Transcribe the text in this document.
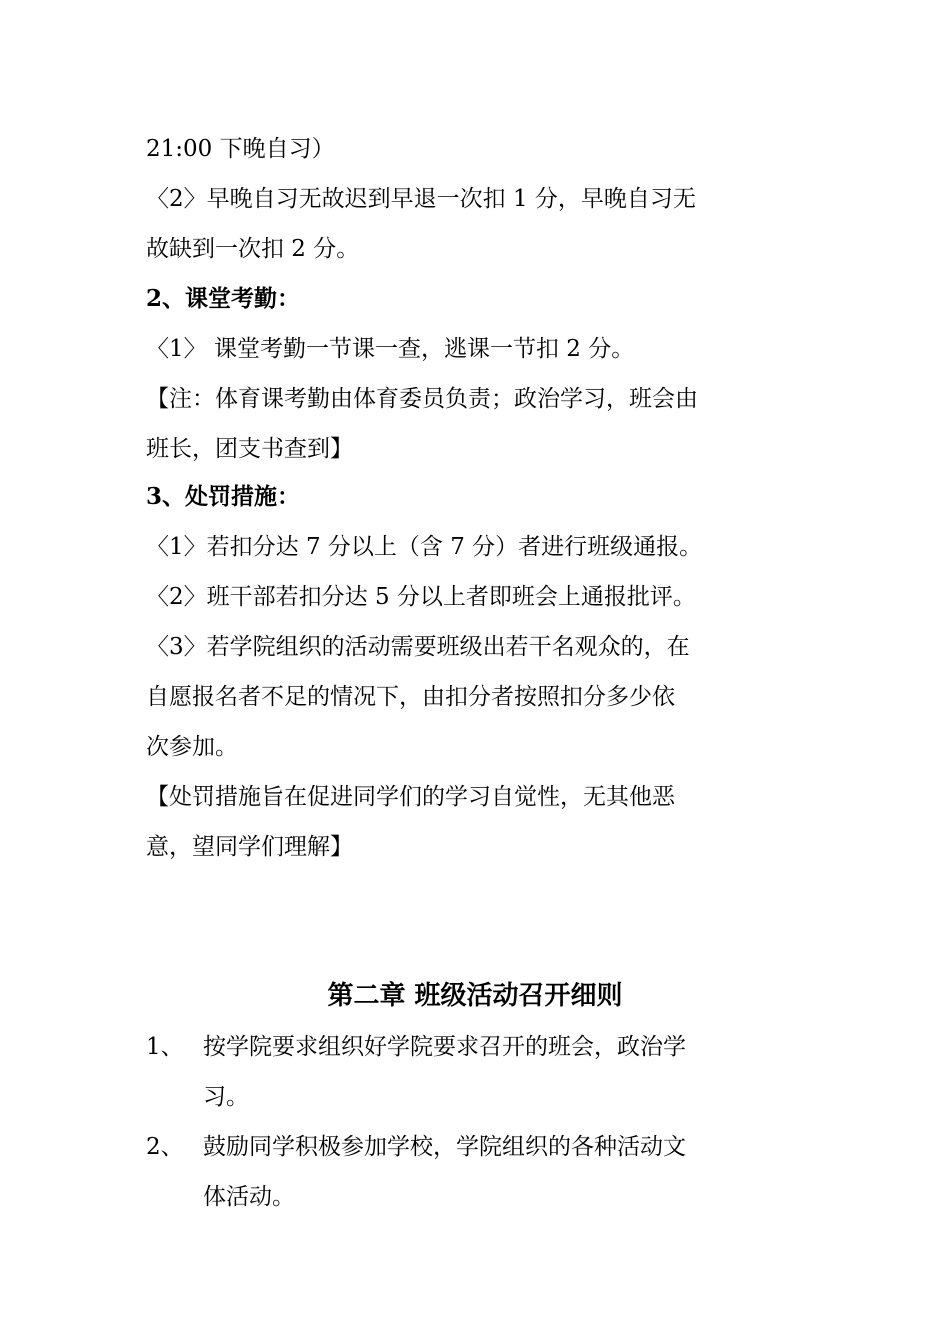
21:00 下晚自习）
〈2〉早晚自习无故迟到早退一次扣 1 分，早晚自习无
故缺到一次扣 2 分。
2、课堂考勤：
〈1〉 课堂考勤一节课一查，逃课一节扣 2 分。
【注：体育课考勤由体育委员负责；政治学习，班会由
班长，团支书查到】
3、处罚措施：
〈1〉若扣分达 7 分以上（含 7 分）者进行班级通报。
〈2〉班干部若扣分达 5 分以上者即班会上通报批评。
〈3〉若学院组织的活动需要班级出若干名观众的，在
自愿报名者不足的情况下，由扣分者按照扣分多少依
次参加。
【处罚措施旨在促进同学们的学习自觉性，无其他恶
意，望同学们理解】
第二章 班级活动召开细则
1、 按学院要求组织好学院要求召开的班会，政治学
习。
2、 鼓励同学积极参加学校，学院组织的各种活动文
体活动。
